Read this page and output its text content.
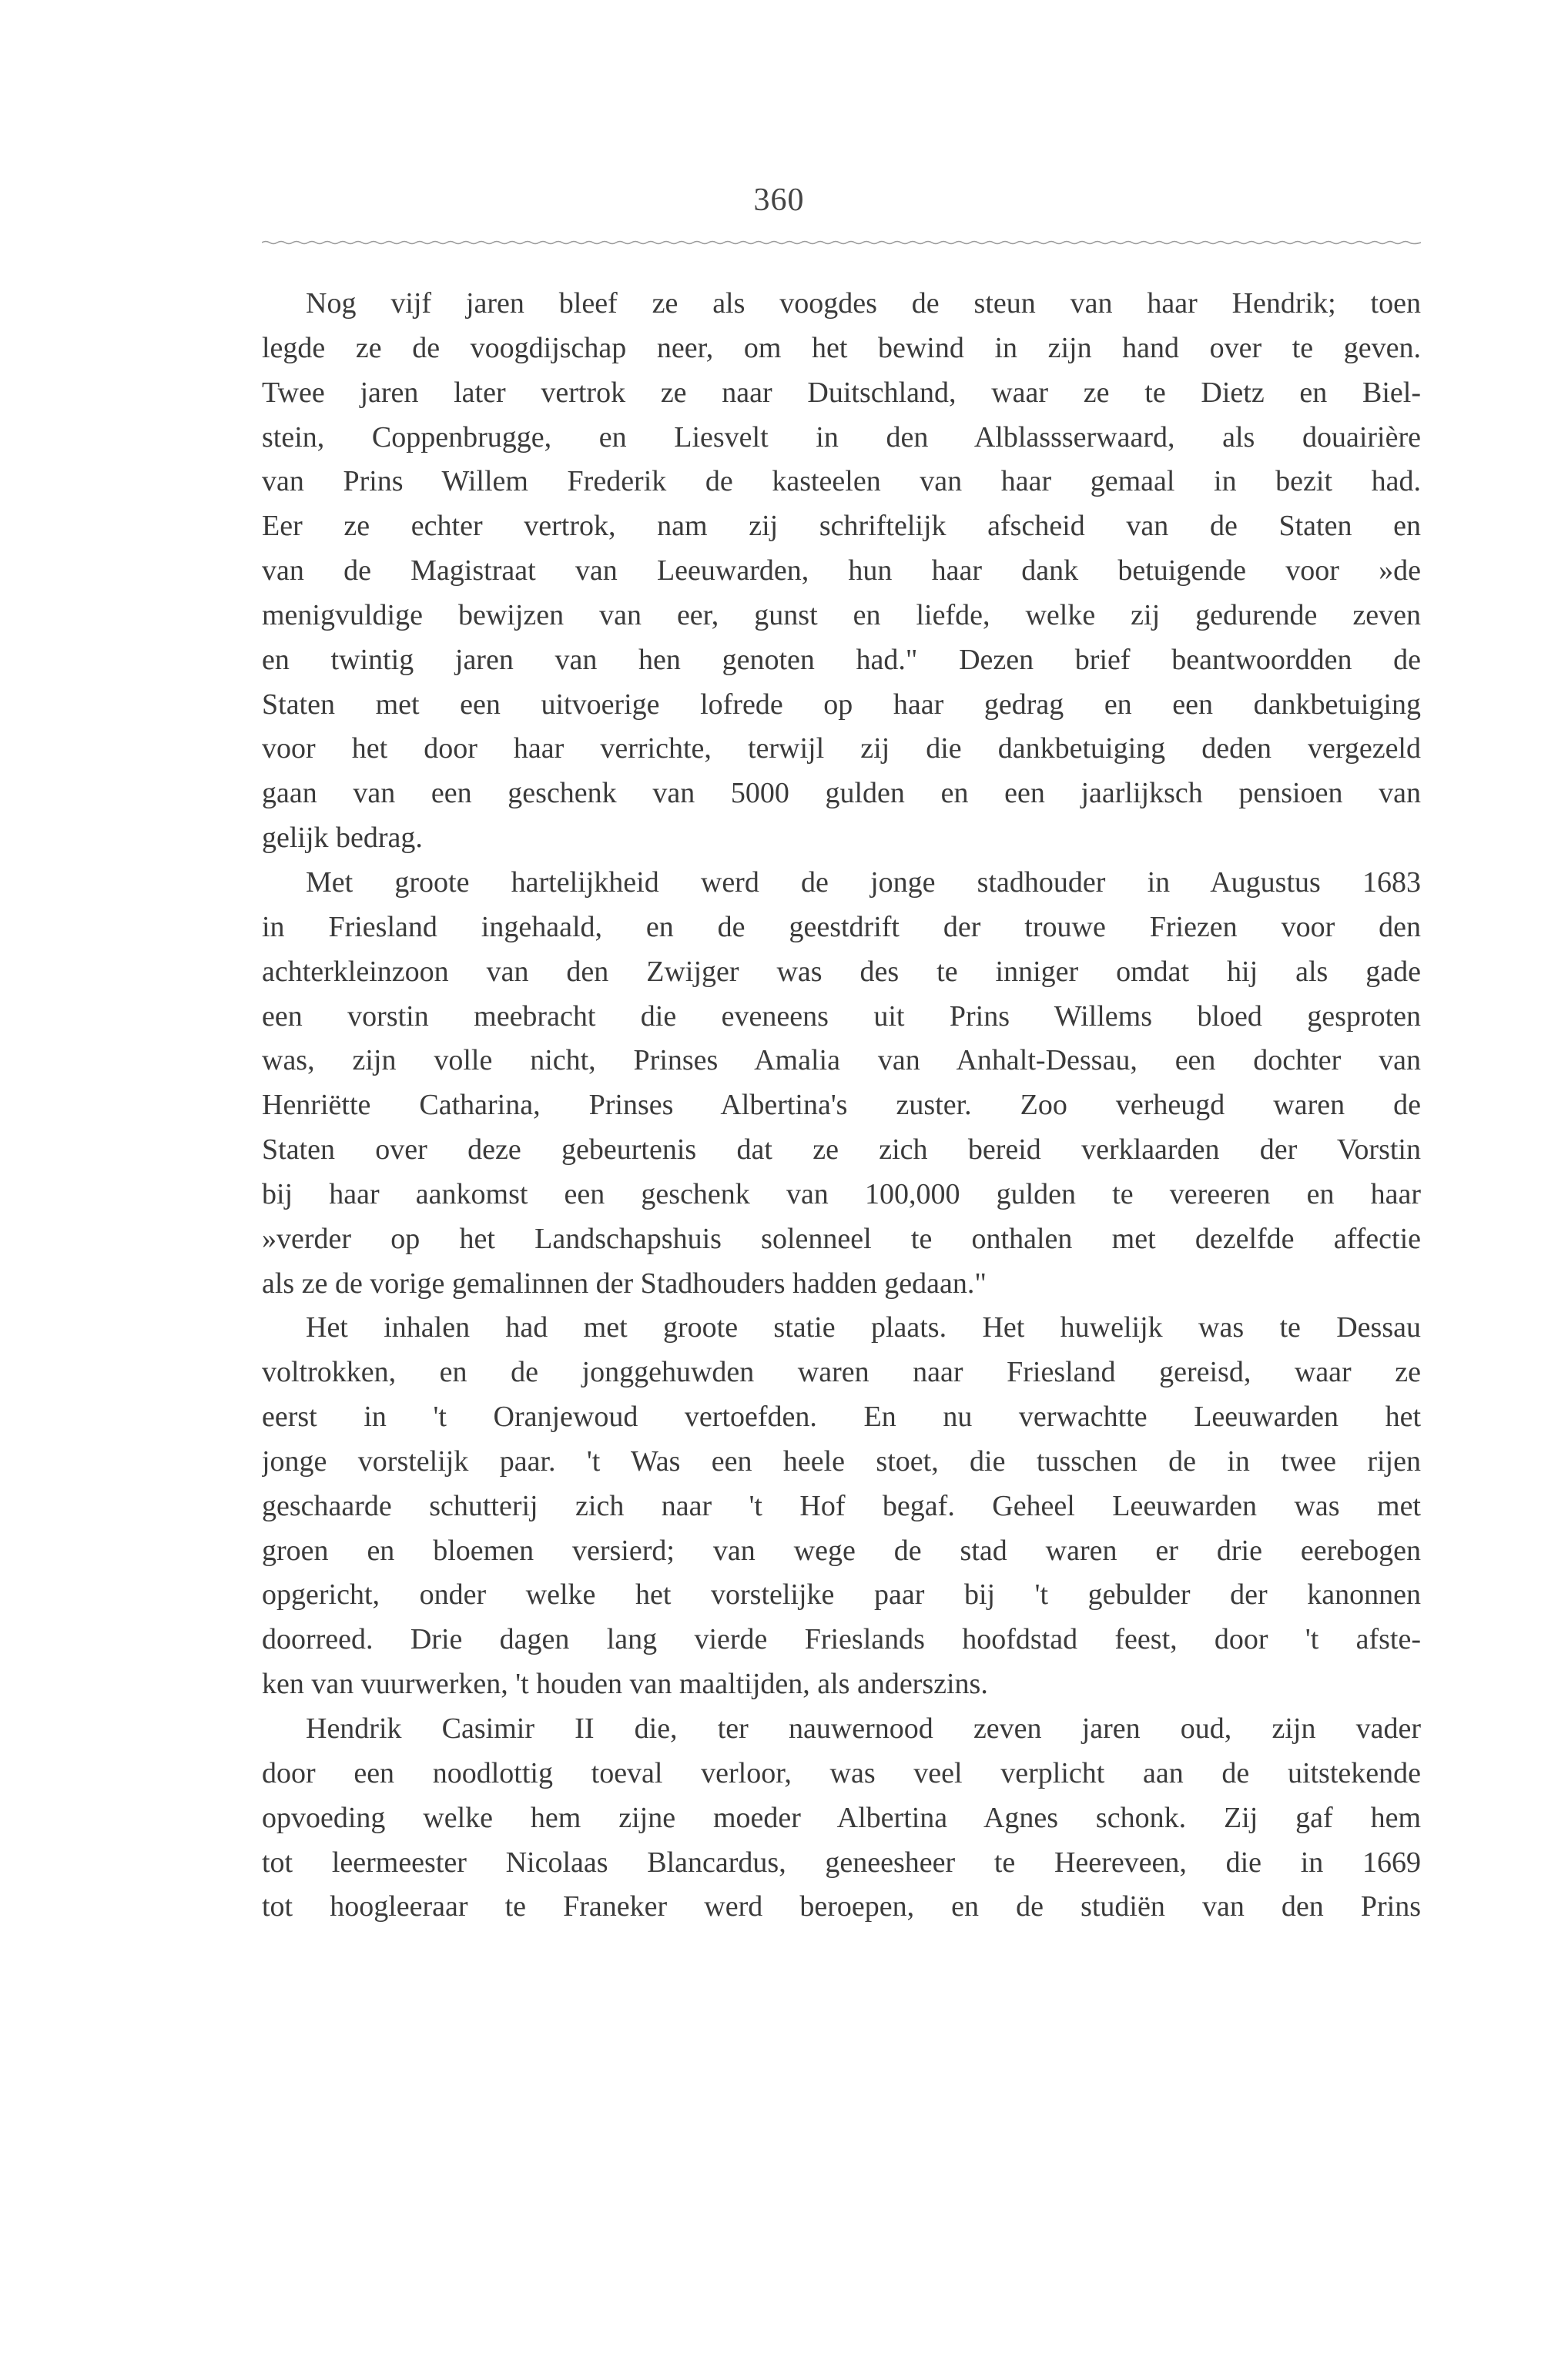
360
Nog vijf jaren bleef ze als voogdes de steun van haar Hendrik; toen
legde ze de voogdijschap neer, om het bewind in zijn hand over te geven.
Twee jaren later vertrok ze naar Duitschland, waar ze te Dietz en Biel-
stein, Coppenbrugge, en Liesvelt in den Alblassserwaard, als douairière
van Prins Willem Frederik de kasteelen van haar gemaal in bezit had.
Eer ze echter vertrok, nam zij schriftelijk afscheid van de Staten en
van de Magistraat van Leeuwarden, hun haar dank betuigende voor »de
menigvuldige bewijzen van eer, gunst en liefde, welke zij gedurende zeven
en twintig jaren van hen genoten had." Dezen brief beantwoordden de
Staten met een uitvoerige lofrede op haar gedrag en een dankbetuiging
voor het door haar verrichte, terwijl zij die dankbetuiging deden vergezeld
gaan van een geschenk van 5000 gulden en een jaarlijksch pensioen van
gelijk bedrag.
Met groote hartelijkheid werd de jonge stadhouder in Augustus 1683
in Friesland ingehaald, en de geestdrift der trouwe Friezen voor den
achterkleinzoon van den Zwijger was des te inniger omdat hij als gade
een vorstin meebracht die eveneens uit Prins Willems bloed gesproten
was, zijn volle nicht, Prinses Amalia van Anhalt-Dessau, een dochter van
Henriëtte Catharina, Prinses Albertina's zuster. Zoo verheugd waren de
Staten over deze gebeurtenis dat ze zich bereid verklaarden der Vorstin
bij haar aankomst een geschenk van 100,000 gulden te vereeren en haar
»verder op het Landschapshuis solenneel te onthalen met dezelfde affectie
als ze de vorige gemalinnen der Stadhouders hadden gedaan."
Het inhalen had met groote statie plaats. Het huwelijk was te Dessau
voltrokken, en de jonggehuwden waren naar Friesland gereisd, waar ze
eerst in 't Oranjewoud vertoefden. En nu verwachtte Leeuwarden het
jonge vorstelijk paar. 't Was een heele stoet, die tusschen de in twee rijen
geschaarde schutterij zich naar 't Hof begaf. Geheel Leeuwarden was met
groen en bloemen versierd; van wege de stad waren er drie eerebogen
opgericht, onder welke het vorstelijke paar bij 't gebulder der kanonnen
doorreed. Drie dagen lang vierde Frieslands hoofdstad feest, door 't afste-
ken van vuurwerken, 't houden van maaltijden, als anderszins.
Hendrik Casimir II die, ter nauwernood zeven jaren oud, zijn vader
door een noodlottig toeval verloor, was veel verplicht aan de uitstekende
opvoeding welke hem zijne moeder Albertina Agnes schonk. Zij gaf hem
tot leermeester Nicolaas Blancardus, geneesheer te Heereveen, die in 1669
tot hoogleeraar te Franeker werd beroepen, en de studiën van den Prins
